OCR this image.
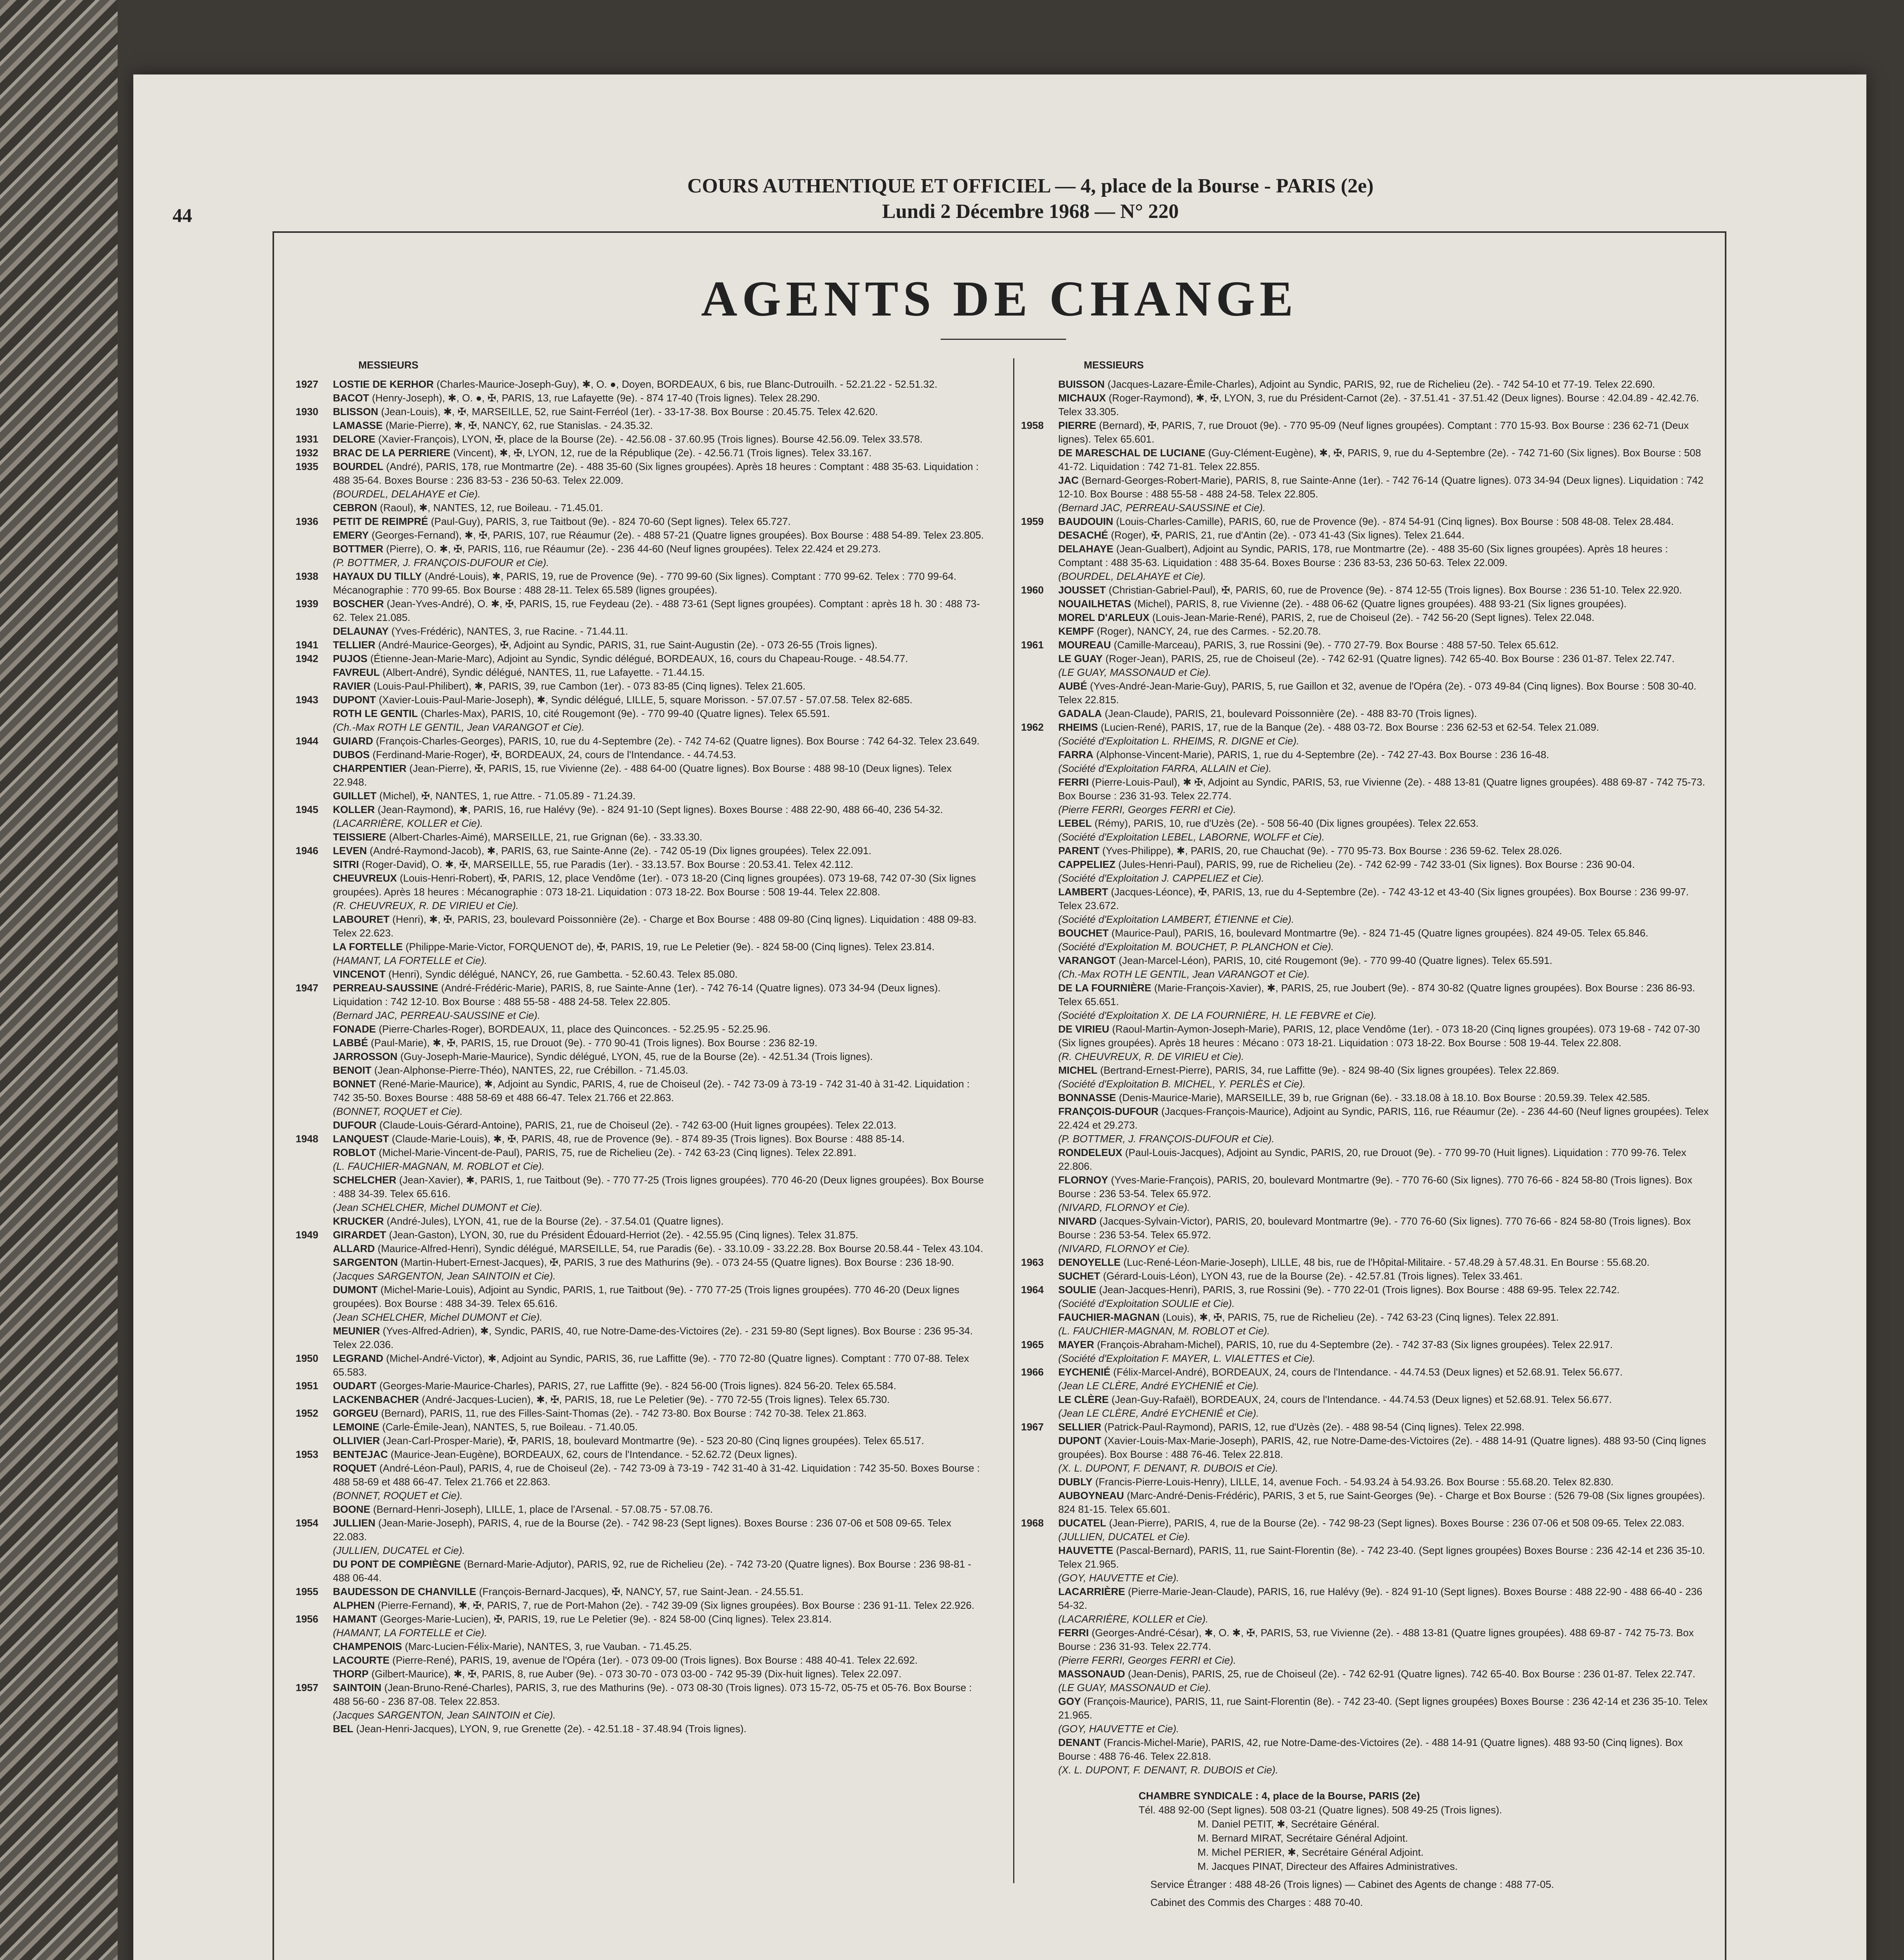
44
COURS AUTHENTIQUE ET OFFICIEL — 4, place de la Bourse - PARIS (2e)
Lundi 2 Décembre 1968 — N° 220
AGENTS DE CHANGE
MESSIEURS
1927 LOSTIE DE KERHOR (Charles-Maurice-Joseph-Guy), ✱, O. ●, Doyen, BORDEAUX, 6 bis, rue Blanc-Dutrouilh. - 52.21.22 - 52.51.32.
BACOT (Henry-Joseph), ✱, O. ●, ✠, PARIS, 13, rue Lafayette (9e). - 874 17-40 (Trois lignes). Telex 28.290.
1930 BLISSON (Jean-Louis), ✱, ✠, MARSEILLE, 52, rue Saint-Ferréol (1er). - 33-17-38. Box Bourse : 20.45.75. Telex 42.620.
LAMASSE (Marie-Pierre), ✱, ✠, NANCY, 62, rue Stanislas. - 24.35.32.
1931 DELORE (Xavier-François), LYON, ✠, place de la Bourse (2e). - 42.56.08 - 37.60.95 (Trois lignes). Bourse 42.56.09. Telex 33.578.
1932 BRAC DE LA PERRIERE (Vincent), ✱, ✠, LYON, 12, rue de la République (2e). - 42.56.71 (Trois lignes). Telex 33.167.
1935 BOURDEL (André), PARIS, 178, rue Montmartre (2e). - 488 35-60 (Six lignes groupées). Après 18 heures : Comptant : 488 35-63. Liquidation : 488 35-64. Boxes Bourse : 236 83-53 - 236 50-63. Telex 22.009.
(BOURDEL, DELAHAYE et Cie).
CEBRON (Raoul), ✱, NANTES, 12, rue Boileau. - 71.45.01.
1936 PETIT DE REIMPRÉ (Paul-Guy), PARIS, 3, rue Taitbout (9e). - 824 70-60 (Sept lignes). Telex 65.727.
EMERY (Georges-Fernand), ✱, ✠, PARIS, 107, rue Réaumur (2e). - 488 57-21 (Quatre lignes groupées). Box Bourse : 488 54-89. Telex 23.805.
BOTTMER (Pierre), O. ✱, ✠, PARIS, 116, rue Réaumur (2e). - 236 44-60 (Neuf lignes groupées). Telex 22.424 et 29.273.
(P. BOTTMER, J. FRANÇOIS-DUFOUR et Cie).
1938 HAYAUX DU TILLY (André-Louis), ✱, PARIS, 19, rue de Provence (9e). - 770 99-60 (Six lignes). Comptant : 770 99-62. Telex : 770 99-64. Mécanographie : 770 99-65. Box Bourse : 488 28-11. Telex 65.589 (lignes groupées).
1939 BOSCHER (Jean-Yves-André), O. ✱, ✠, PARIS, 15, rue Feydeau (2e). - 488 73-61 (Sept lignes groupées). Comptant : après 18 h. 30 : 488 73-62. Telex 21.085.
DELAUNAY (Yves-Frédéric), NANTES, 3, rue Racine. - 71.44.11.
1941 TELLIER (André-Maurice-Georges), ✠, Adjoint au Syndic, PARIS, 31, rue Saint-Augustin (2e). - 073 26-55 (Trois lignes).
1942 PUJOS (Étienne-Jean-Marie-Marc), Adjoint au Syndic, Syndic délégué, BORDEAUX, 16, cours du Chapeau-Rouge. - 48.54.77.
FAVREUL (Albert-André), Syndic délégué, NANTES, 11, rue Lafayette. - 71.44.15.
RAVIER (Louis-Paul-Philibert), ✱, PARIS, 39, rue Cambon (1er). - 073 83-85 (Cinq lignes). Telex 21.605.
1943 DUPONT (Xavier-Louis-Paul-Marie-Joseph), ✱, Syndic délégué, LILLE, 5, square Morisson. - 57.07.57 - 57.07.58. Telex 82-685.
ROTH LE GENTIL (Charles-Max), PARIS, 10, cité Rougemont (9e). - 770 99-40 (Quatre lignes). Telex 65.591.
(Ch.-Max ROTH LE GENTIL, Jean VARANGOT et Cie).
1944 GUIARD (François-Charles-Georges), PARIS, 10, rue du 4-Septembre (2e). - 742 74-62 (Quatre lignes). Box Bourse : 742 64-32. Telex 23.649.
DUBOS (Ferdinand-Marie-Roger), ✠, BORDEAUX, 24, cours de l'Intendance. - 44.74.53.
CHARPENTIER (Jean-Pierre), ✠, PARIS, 15, rue Vivienne (2e). - 488 64-00 (Quatre lignes). Box Bourse : 488 98-10 (Deux lignes). Telex 22.948.
GUILLET (Michel), ✠, NANTES, 1, rue Attre. - 71.05.89 - 71.24.39.
1945 KOLLER (Jean-Raymond), ✱, PARIS, 16, rue Halévy (9e). - 824 91-10 (Sept lignes). Boxes Bourse : 488 22-90, 488 66-40, 236 54-32.
(LACARRIÈRE, KOLLER et Cie).
TEISSIERE (Albert-Charles-Aimé), MARSEILLE, 21, rue Grignan (6e). - 33.33.30.
1946 LEVEN (André-Raymond-Jacob), ✱, PARIS, 63, rue Sainte-Anne (2e). - 742 05-19 (Dix lignes groupées). Telex 22.091.
SITRI (Roger-David), O. ✱, ✠, MARSEILLE, 55, rue Paradis (1er). - 33.13.57. Box Bourse : 20.53.41. Telex 42.112.
CHEUVREUX (Louis-Henri-Robert), ✠, PARIS, 12, place Vendôme (1er). - 073 18-20 (Cinq lignes groupées). 073 19-68, 742 07-30 (Six lignes groupées). Après 18 heures : Mécanographie : 073 18-21. Liquidation : 073 18-22. Box Bourse : 508 19-44. Telex 22.808.
(R. CHEUVREUX, R. DE VIRIEU et Cie).
LABOURET (Henri), ✱, ✠, PARIS, 23, boulevard Poissonnière (2e). - Charge et Box Bourse : 488 09-80 (Cinq lignes). Liquidation : 488 09-83. Telex 22.623.
LA FORTELLE (Philippe-Marie-Victor, FORQUENOT de), ✠, PARIS, 19, rue Le Peletier (9e). - 824 58-00 (Cinq lignes). Telex 23.814.
(HAMANT, LA FORTELLE et Cie).
VINCENOT (Henri), Syndic délégué, NANCY, 26, rue Gambetta. - 52.60.43. Telex 85.080.
1947 PERREAU-SAUSSINE (André-Frédéric-Marie), PARIS, 8, rue Sainte-Anne (1er). - 742 76-14 (Quatre lignes). 073 34-94 (Deux lignes). Liquidation : 742 12-10. Box Bourse : 488 55-58 - 488 24-58. Telex 22.805.
(Bernard JAC, PERREAU-SAUSSINE et Cie).
FONADE (Pierre-Charles-Roger), BORDEAUX, 11, place des Quinconces. - 52.25.95 - 52.25.96.
LABBÉ (Paul-Marie), ✱, ✠, PARIS, 15, rue Drouot (9e). - 770 90-41 (Trois lignes). Box Bourse : 236 82-19.
JARROSSON (Guy-Joseph-Marie-Maurice), Syndic délégué, LYON, 45, rue de la Bourse (2e). - 42.51.34 (Trois lignes).
BENOIT (Jean-Alphonse-Pierre-Théo), NANTES, 22, rue Crébillon. - 71.45.03.
BONNET (René-Marie-Maurice), ✱, Adjoint au Syndic, PARIS, 4, rue de Choiseul (2e). - 742 73-09 à 73-19 - 742 31-40 à 31-42. Liquidation : 742 35-50. Boxes Bourse : 488 58-69 et 488 66-47. Telex 21.766 et 22.863.
(BONNET, ROQUET et Cie).
DUFOUR (Claude-Louis-Gérard-Antoine), PARIS, 21, rue de Choiseul (2e). - 742 63-00 (Huit lignes groupées). Telex 22.013.
1948 LANQUEST (Claude-Marie-Louis), ✱, ✠, PARIS, 48, rue de Provence (9e). - 874 89-35 (Trois lignes). Box Bourse : 488 85-14.
ROBLOT (Michel-Marie-Vincent-de-Paul), PARIS, 75, rue de Richelieu (2e). - 742 63-23 (Cinq lignes). Telex 22.891.
(L. FAUCHIER-MAGNAN, M. ROBLOT et Cie).
SCHELCHER (Jean-Xavier), ✱, PARIS, 1, rue Taitbout (9e). - 770 77-25 (Trois lignes groupées). 770 46-20 (Deux lignes groupées). Box Bourse : 488 34-39. Telex 65.616.
(Jean SCHELCHER, Michel DUMONT et Cie).
KRUCKER (André-Jules), LYON, 41, rue de la Bourse (2e). - 37.54.01 (Quatre lignes).
1949 GIRARDET (Jean-Gaston), LYON, 30, rue du Président Édouard-Herriot (2e). - 42.55.95 (Cinq lignes). Telex 31.875.
ALLARD (Maurice-Alfred-Henri), Syndic délégué, MARSEILLE, 54, rue Paradis (6e). - 33.10.09 - 33.22.28. Box Bourse 20.58.44 - Telex 43.104.
SARGENTON (Martin-Hubert-Ernest-Jacques), ✠, PARIS, 3 rue des Mathurins (9e). - 073 24-55 (Quatre lignes). Box Bourse : 236 18-90.
(Jacques SARGENTON, Jean SAINTOIN et Cie).
DUMONT (Michel-Marie-Louis), Adjoint au Syndic, PARIS, 1, rue Taitbout (9e). - 770 77-25 (Trois lignes groupées). 770 46-20 (Deux lignes groupées). Box Bourse : 488 34-39. Telex 65.616.
(Jean SCHELCHER, Michel DUMONT et Cie).
MEUNIER (Yves-Alfred-Adrien), ✱, Syndic, PARIS, 40, rue Notre-Dame-des-Victoires (2e). - 231 59-80 (Sept lignes). Box Bourse : 236 95-34. Telex 22.036.
1950 LEGRAND (Michel-André-Victor), ✱, Adjoint au Syndic, PARIS, 36, rue Laffitte (9e). - 770 72-80 (Quatre lignes). Comptant : 770 07-88. Telex 65.583.
1951 OUDART (Georges-Marie-Maurice-Charles), PARIS, 27, rue Laffitte (9e). - 824 56-00 (Trois lignes). 824 56-20. Telex 65.584.
LACKENBACHER (André-Jacques-Lucien), ✱, ✠, PARIS, 18, rue Le Peletier (9e). - 770 72-55 (Trois lignes). Telex 65.730.
1952 GORGEU (Bernard), PARIS, 11, rue des Filles-Saint-Thomas (2e). - 742 73-80. Box Bourse : 742 70-38. Telex 21.863.
LEMOINE (Carle-Émile-Jean), NANTES, 5, rue Boileau. - 71.40.05.
OLLIVIER (Jean-Carl-Prosper-Marie), ✠, PARIS, 18, boulevard Montmartre (9e). - 523 20-80 (Cinq lignes groupées). Telex 65.517.
1953 BENTEJAC (Maurice-Jean-Eugène), BORDEAUX, 62, cours de l'Intendance. - 52.62.72 (Deux lignes).
ROQUET (André-Léon-Paul), PARIS, 4, rue de Choiseul (2e). - 742 73-09 à 73-19 - 742 31-40 à 31-42. Liquidation : 742 35-50. Boxes Bourse : 488 58-69 et 488 66-47. Telex 21.766 et 22.863.
(BONNET, ROQUET et Cie).
BOONE (Bernard-Henri-Joseph), LILLE, 1, place de l'Arsenal. - 57.08.75 - 57.08.76.
1954 JULLIEN (Jean-Marie-Joseph), PARIS, 4, rue de la Bourse (2e). - 742 98-23 (Sept lignes). Boxes Bourse : 236 07-06 et 508 09-65. Telex 22.083.
(JULLIEN, DUCATEL et Cie).
DU PONT DE COMPIÈGNE (Bernard-Marie-Adjutor), PARIS, 92, rue de Richelieu (2e). - 742 73-20 (Quatre lignes). Box Bourse : 236 98-81 - 488 06-44.
1955 BAUDESSON DE CHANVILLE (François-Bernard-Jacques), ✠, NANCY, 57, rue Saint-Jean. - 24.55.51.
ALPHEN (Pierre-Fernand), ✱, ✠, PARIS, 7, rue de Port-Mahon (2e). - 742 39-09 (Six lignes groupées). Box Bourse : 236 91-11. Telex 22.926.
1956 HAMANT (Georges-Marie-Lucien), ✠, PARIS, 19, rue Le Peletier (9e). - 824 58-00 (Cinq lignes). Telex 23.814.
(HAMANT, LA FORTELLE et Cie).
CHAMPENOIS (Marc-Lucien-Félix-Marie), NANTES, 3, rue Vauban. - 71.45.25.
LACOURTE (Pierre-René), PARIS, 19, avenue de l'Opéra (1er). - 073 09-00 (Trois lignes). Box Bourse : 488 40-41. Telex 22.692.
THORP (Gilbert-Maurice), ✱, ✠, PARIS, 8, rue Auber (9e). - 073 30-70 - 073 03-00 - 742 95-39 (Dix-huit lignes). Telex 22.097.
1957 SAINTOIN (Jean-Bruno-René-Charles), PARIS, 3, rue des Mathurins (9e). - 073 08-30 (Trois lignes). 073 15-72, 05-75 et 05-76. Box Bourse : 488 56-60 - 236 87-08. Telex 22.853.
(Jacques SARGENTON, Jean SAINTOIN et Cie).
BEL (Jean-Henri-Jacques), LYON, 9, rue Grenette (2e). - 42.51.18 - 37.48.94 (Trois lignes).
MESSIEURS
BUISSON (Jacques-Lazare-Émile-Charles), Adjoint au Syndic, PARIS, 92, rue de Richelieu (2e). - 742 54-10 et 77-19. Telex 22.690.
MICHAUX (Roger-Raymond), ✱, ✠, LYON, 3, rue du Président-Carnot (2e). - 37.51.41 - 37.51.42 (Deux lignes). Bourse : 42.04.89 - 42.42.76. Telex 33.305.
1958 PIERRE (Bernard), ✠, PARIS, 7, rue Drouot (9e). - 770 95-09 (Neuf lignes groupées). Comptant : 770 15-93. Box Bourse : 236 62-71 (Deux lignes). Telex 65.601.
DE MARESCHAL DE LUCIANE (Guy-Clément-Eugène), ✱, ✠, PARIS, 9, rue du 4-Septembre (2e). - 742 71-60 (Six lignes). Box Bourse : 508 41-72. Liquidation : 742 71-81. Telex 22.855.
JAC (Bernard-Georges-Robert-Marie), PARIS, 8, rue Sainte-Anne (1er). - 742 76-14 (Quatre lignes). 073 34-94 (Deux lignes). Liquidation : 742 12-10. Box Bourse : 488 55-58 - 488 24-58. Telex 22.805.
(Bernard JAC, PERREAU-SAUSSINE et Cie).
1959 BAUDOUIN (Louis-Charles-Camille), PARIS, 60, rue de Provence (9e). - 874 54-91 (Cinq lignes). Box Bourse : 508 48-08. Telex 28.484.
DESACHÉ (Roger), ✠, PARIS, 21, rue d'Antin (2e). - 073 41-43 (Six lignes). Telex 21.644.
DELAHAYE (Jean-Gualbert), Adjoint au Syndic, PARIS, 178, rue Montmartre (2e). - 488 35-60 (Six lignes groupées). Après 18 heures : Comptant : 488 35-63. Liquidation : 488 35-64. Boxes Bourse : 236 83-53, 236 50-63. Telex 22.009.
(BOURDEL, DELAHAYE et Cie).
1960 JOUSSET (Christian-Gabriel-Paul), ✠, PARIS, 60, rue de Provence (9e). - 874 12-55 (Trois lignes). Box Bourse : 236 51-10. Telex 22.920.
NOUAILHETAS (Michel), PARIS, 8, rue Vivienne (2e). - 488 06-62 (Quatre lignes groupées). 488 93-21 (Six lignes groupées).
MOREL D'ARLEUX (Louis-Jean-Marie-René), PARIS, 2, rue de Choiseul (2e). - 742 56-20 (Sept lignes). Telex 22.048.
KEMPF (Roger), NANCY, 24, rue des Carmes. - 52.20.78.
1961 MOUREAU (Camille-Marceau), PARIS, 3, rue Rossini (9e). - 770 27-79. Box Bourse : 488 57-50. Telex 65.612.
LE GUAY (Roger-Jean), PARIS, 25, rue de Choiseul (2e). - 742 62-91 (Quatre lignes). 742 65-40. Box Bourse : 236 01-87. Telex 22.747.
(LE GUAY, MASSONAUD et Cie).
AUBÉ (Yves-André-Jean-Marie-Guy), PARIS, 5, rue Gaillon et 32, avenue de l'Opéra (2e). - 073 49-84 (Cinq lignes). Box Bourse : 508 30-40. Telex 22.815.
GADALA (Jean-Claude), PARIS, 21, boulevard Poissonnière (2e). - 488 83-70 (Trois lignes).
1962 RHEIMS (Lucien-René), PARIS, 17, rue de la Banque (2e). - 488 03-72. Box Bourse : 236 62-53 et 62-54. Telex 21.089.
(Société d'Exploitation L. RHEIMS, R. DIGNE et Cie).
FARRA (Alphonse-Vincent-Marie), PARIS, 1, rue du 4-Septembre (2e). - 742 27-43. Box Bourse : 236 16-48.
(Société d'Exploitation FARRA, ALLAIN et Cie).
FERRI (Pierre-Louis-Paul), ✱ ✠, Adjoint au Syndic, PARIS, 53, rue Vivienne (2e). - 488 13-81 (Quatre lignes groupées). 488 69-87 - 742 75-73. Box Bourse : 236 31-93. Telex 22.774.
(Pierre FERRI, Georges FERRI et Cie).
LEBEL (Rémy), PARIS, 10, rue d'Uzès (2e). - 508 56-40 (Dix lignes groupées). Telex 22.653.
(Société d'Exploitation LEBEL, LABORNE, WOLFF et Cie).
PARENT (Yves-Philippe), ✱, PARIS, 20, rue Chauchat (9e). - 770 95-73. Box Bourse : 236 59-62. Telex 28.026.
CAPPELIEZ (Jules-Henri-Paul), PARIS, 99, rue de Richelieu (2e). - 742 62-99 - 742 33-01 (Six lignes). Box Bourse : 236 90-04.
(Société d'Exploitation J. CAPPELIEZ et Cie).
LAMBERT (Jacques-Léonce), ✠, PARIS, 13, rue du 4-Septembre (2e). - 742 43-12 et 43-40 (Six lignes groupées). Box Bourse : 236 99-97. Telex 23.672.
(Société d'Exploitation LAMBERT, ÉTIENNE et Cie).
BOUCHET (Maurice-Paul), PARIS, 16, boulevard Montmartre (9e). - 824 71-45 (Quatre lignes groupées). 824 49-05. Telex 65.846.
(Société d'Exploitation M. BOUCHET, P. PLANCHON et Cie).
VARANGOT (Jean-Marcel-Léon), PARIS, 10, cité Rougemont (9e). - 770 99-40 (Quatre lignes). Telex 65.591.
(Ch.-Max ROTH LE GENTIL, Jean VARANGOT et Cie).
DE LA FOURNIÈRE (Marie-François-Xavier), ✱, PARIS, 25, rue Joubert (9e). - 874 30-82 (Quatre lignes groupées). Box Bourse : 236 86-93. Telex 65.651.
(Société d'Exploitation X. DE LA FOURNIÈRE, H. LE FEBVRE et Cie).
DE VIRIEU (Raoul-Martin-Aymon-Joseph-Marie), PARIS, 12, place Vendôme (1er). - 073 18-20 (Cinq lignes groupées). 073 19-68 - 742 07-30 (Six lignes groupées). Après 18 heures : Mécano : 073 18-21. Liquidation : 073 18-22. Box Bourse : 508 19-44. Telex 22.808.
(R. CHEUVREUX, R. DE VIRIEU et Cie).
MICHEL (Bertrand-Ernest-Pierre), PARIS, 34, rue Laffitte (9e). - 824 98-40 (Six lignes groupées). Telex 22.869.
(Société d'Exploitation B. MICHEL, Y. PERLÈS et Cie).
BONNASSE (Denis-Maurice-Marie), MARSEILLE, 39 b, rue Grignan (6e). - 33.18.08 à 18.10. Box Bourse : 20.59.39. Telex 42.585.
FRANÇOIS-DUFOUR (Jacques-François-Maurice), Adjoint au Syndic, PARIS, 116, rue Réaumur (2e). - 236 44-60 (Neuf lignes groupées). Telex 22.424 et 29.273.
(P. BOTTMER, J. FRANÇOIS-DUFOUR et Cie).
RONDELEUX (Paul-Louis-Jacques), Adjoint au Syndic, PARIS, 20, rue Drouot (9e). - 770 99-70 (Huit lignes). Liquidation : 770 99-76. Telex 22.806.
FLORNOY (Yves-Marie-François), PARIS, 20, boulevard Montmartre (9e). - 770 76-60 (Six lignes). 770 76-66 - 824 58-80 (Trois lignes). Box Bourse : 236 53-54. Telex 65.972.
(NIVARD, FLORNOY et Cie).
NIVARD (Jacques-Sylvain-Victor), PARIS, 20, boulevard Montmartre (9e). - 770 76-60 (Six lignes). 770 76-66 - 824 58-80 (Trois lignes). Box Bourse : 236 53-54. Telex 65.972.
(NIVARD, FLORNOY et Cie).
1963 DENOYELLE (Luc-René-Léon-Marie-Joseph), LILLE, 48 bis, rue de l'Hôpital-Militaire. - 57.48.29 à 57.48.31. En Bourse : 55.68.20.
SUCHET (Gérard-Louis-Léon), LYON 43, rue de la Bourse (2e). - 42.57.81 (Trois lignes). Telex 33.461.
1964 SOULIE (Jean-Jacques-Henri), PARIS, 3, rue Rossini (9e). - 770 22-01 (Trois lignes). Box Bourse : 488 69-95. Telex 22.742.
(Société d'Exploitation SOULIE et Cie).
FAUCHIER-MAGNAN (Louis), ✱, ✠, PARIS, 75, rue de Richelieu (2e). - 742 63-23 (Cinq lignes). Telex 22.891.
(L. FAUCHIER-MAGNAN, M. ROBLOT et Cie).
1965 MAYER (François-Abraham-Michel), PARIS, 10, rue du 4-Septembre (2e). - 742 37-83 (Six lignes groupées). Telex 22.917.
(Société d'Exploitation F. MAYER, L. VIALETTES et Cie).
1966 EYCHENIÉ (Félix-Marcel-André), BORDEAUX, 24, cours de l'Intendance. - 44.74.53 (Deux lignes) et 52.68.91. Telex 56.677.
(Jean LE CLÈRE, André EYCHENIÉ et Cie).
LE CLÈRE (Jean-Guy-Rafaël), BORDEAUX, 24, cours de l'Intendance. - 44.74.53 (Deux lignes) et 52.68.91. Telex 56.677.
(Jean LE CLÈRE, André EYCHENIÉ et Cie).
1967 SELLIER (Patrick-Paul-Raymond), PARIS, 12, rue d'Uzès (2e). - 488 98-54 (Cinq lignes). Telex 22.998.
DUPONT (Xavier-Louis-Max-Marie-Joseph), PARIS, 42, rue Notre-Dame-des-Victoires (2e). - 488 14-91 (Quatre lignes). 488 93-50 (Cinq lignes groupées). Box Bourse : 488 76-46. Telex 22.818.
(X. L. DUPONT, F. DENANT, R. DUBOIS et Cie).
DUBLY (Francis-Pierre-Louis-Henry), LILLE, 14, avenue Foch. - 54.93.24 à 54.93.26. Box Bourse : 55.68.20. Telex 82.830.
AUBOYNEAU (Marc-André-Denis-Frédéric), PARIS, 3 et 5, rue Saint-Georges (9e). - Charge et Box Bourse : (526 79-08 (Six lignes groupées). 824 81-15. Telex 65.601.
1968 DUCATEL (Jean-Pierre), PARIS, 4, rue de la Bourse (2e). - 742 98-23 (Sept lignes). Boxes Bourse : 236 07-06 et 508 09-65. Telex 22.083.
(JULLIEN, DUCATEL et Cie).
HAUVETTE (Pascal-Bernard), PARIS, 11, rue Saint-Florentin (8e). - 742 23-40. (Sept lignes groupées) Boxes Bourse : 236 42-14 et 236 35-10. Telex 21.965.
(GOY, HAUVETTE et Cie).
LACARRIÈRE (Pierre-Marie-Jean-Claude), PARIS, 16, rue Halévy (9e). - 824 91-10 (Sept lignes). Boxes Bourse : 488 22-90 - 488 66-40 - 236 54-32.
(LACARRIÈRE, KOLLER et Cie).
FERRI (Georges-André-César), ✱, O. ✱, ✠, PARIS, 53, rue Vivienne (2e). - 488 13-81 (Quatre lignes groupées). 488 69-87 - 742 75-73. Box Bourse : 236 31-93. Telex 22.774.
(Pierre FERRI, Georges FERRI et Cie).
MASSONAUD (Jean-Denis), PARIS, 25, rue de Choiseul (2e). - 742 62-91 (Quatre lignes). 742 65-40. Box Bourse : 236 01-87. Telex 22.747.
(LE GUAY, MASSONAUD et Cie).
GOY (François-Maurice), PARIS, 11, rue Saint-Florentin (8e). - 742 23-40. (Sept lignes groupées) Boxes Bourse : 236 42-14 et 236 35-10. Telex 21.965.
(GOY, HAUVETTE et Cie).
DENANT (Francis-Michel-Marie), PARIS, 42, rue Notre-Dame-des-Victoires (2e). - 488 14-91 (Quatre lignes). 488 93-50 (Cinq lignes). Box Bourse : 488 76-46. Telex 22.818.
(X. L. DUPONT, F. DENANT, R. DUBOIS et Cie).
CHAMBRE SYNDICALE : 4, place de la Bourse, PARIS (2e)
Tél. 488 92-00 (Sept lignes). 508 03-21 (Quatre lignes). 508 49-25 (Trois lignes).
M. Daniel PETIT, ✱, Secrétaire Général.
M. Bernard MIRAT, Secrétaire Général Adjoint.
M. Michel PERIER, ✱, Secrétaire Général Adjoint.
M. Jacques PINAT, Directeur des Affaires Administratives.
Service Étranger : 488 48-26 (Trois lignes) — Cabinet des Agents de change : 488 77-05.
Cabinet des Commis des Charges : 488 70-40.
